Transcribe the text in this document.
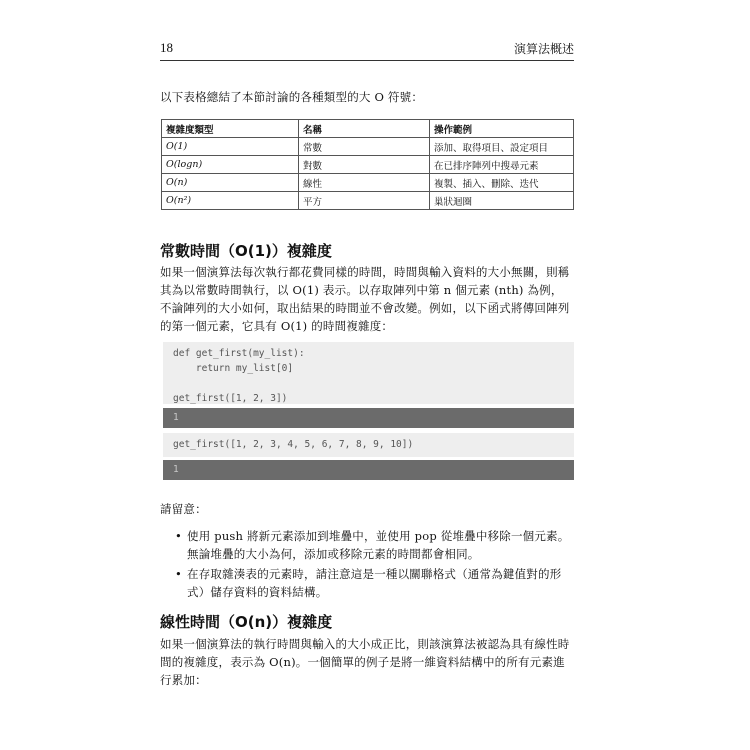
18	演算法概述
以下表格總結了本節討論的各種類型的大 O 符號：
複雜度類型	名稱	操作範例
O(1)	常數	添加、取得項目、設定項目
O(logn)	對數	在已排序陣列中搜尋元素
O(n)	線性	複製、插入、刪除、迭代
O(n²)	平方	巢狀迴圈
常數時間（O(1)）複雜度
如果一個演算法每次執行都花費同樣的時間，時間與輸入資料的大小無關，則稱其為以常數時間執行，以 O(1) 表示。以存取陣列中第 n 個元素 (nth) 為例，不論陣列的大小如何，取出結果的時間並不會改變。例如，以下函式將傳回陣列的第一個元素，它具有 O(1) 的時間複雜度：
def get_first(my_list):
return my_list[0]

get_first([1, 2, 3])
1
get_first([1, 2, 3, 4, 5, 6, 7, 8, 9, 10])
1
請留意：
• 使用 push 將新元素添加到堆疊中，並使用 pop 從堆疊中移除一個元素。無論堆疊的大小為何，添加或移除元素的時間都會相同。
• 在存取雜湊表的元素時，請注意這是一種以關聯格式（通常為鍵值對的形式）儲存資料的資料結構。
線性時間（O(n)）複雜度
如果一個演算法的執行時間與輸入的大小成正比，則該演算法被認為具有線性時間的複雜度，表示為 O(n)。一個簡單的例子是將一維資料結構中的所有元素進行累加：
